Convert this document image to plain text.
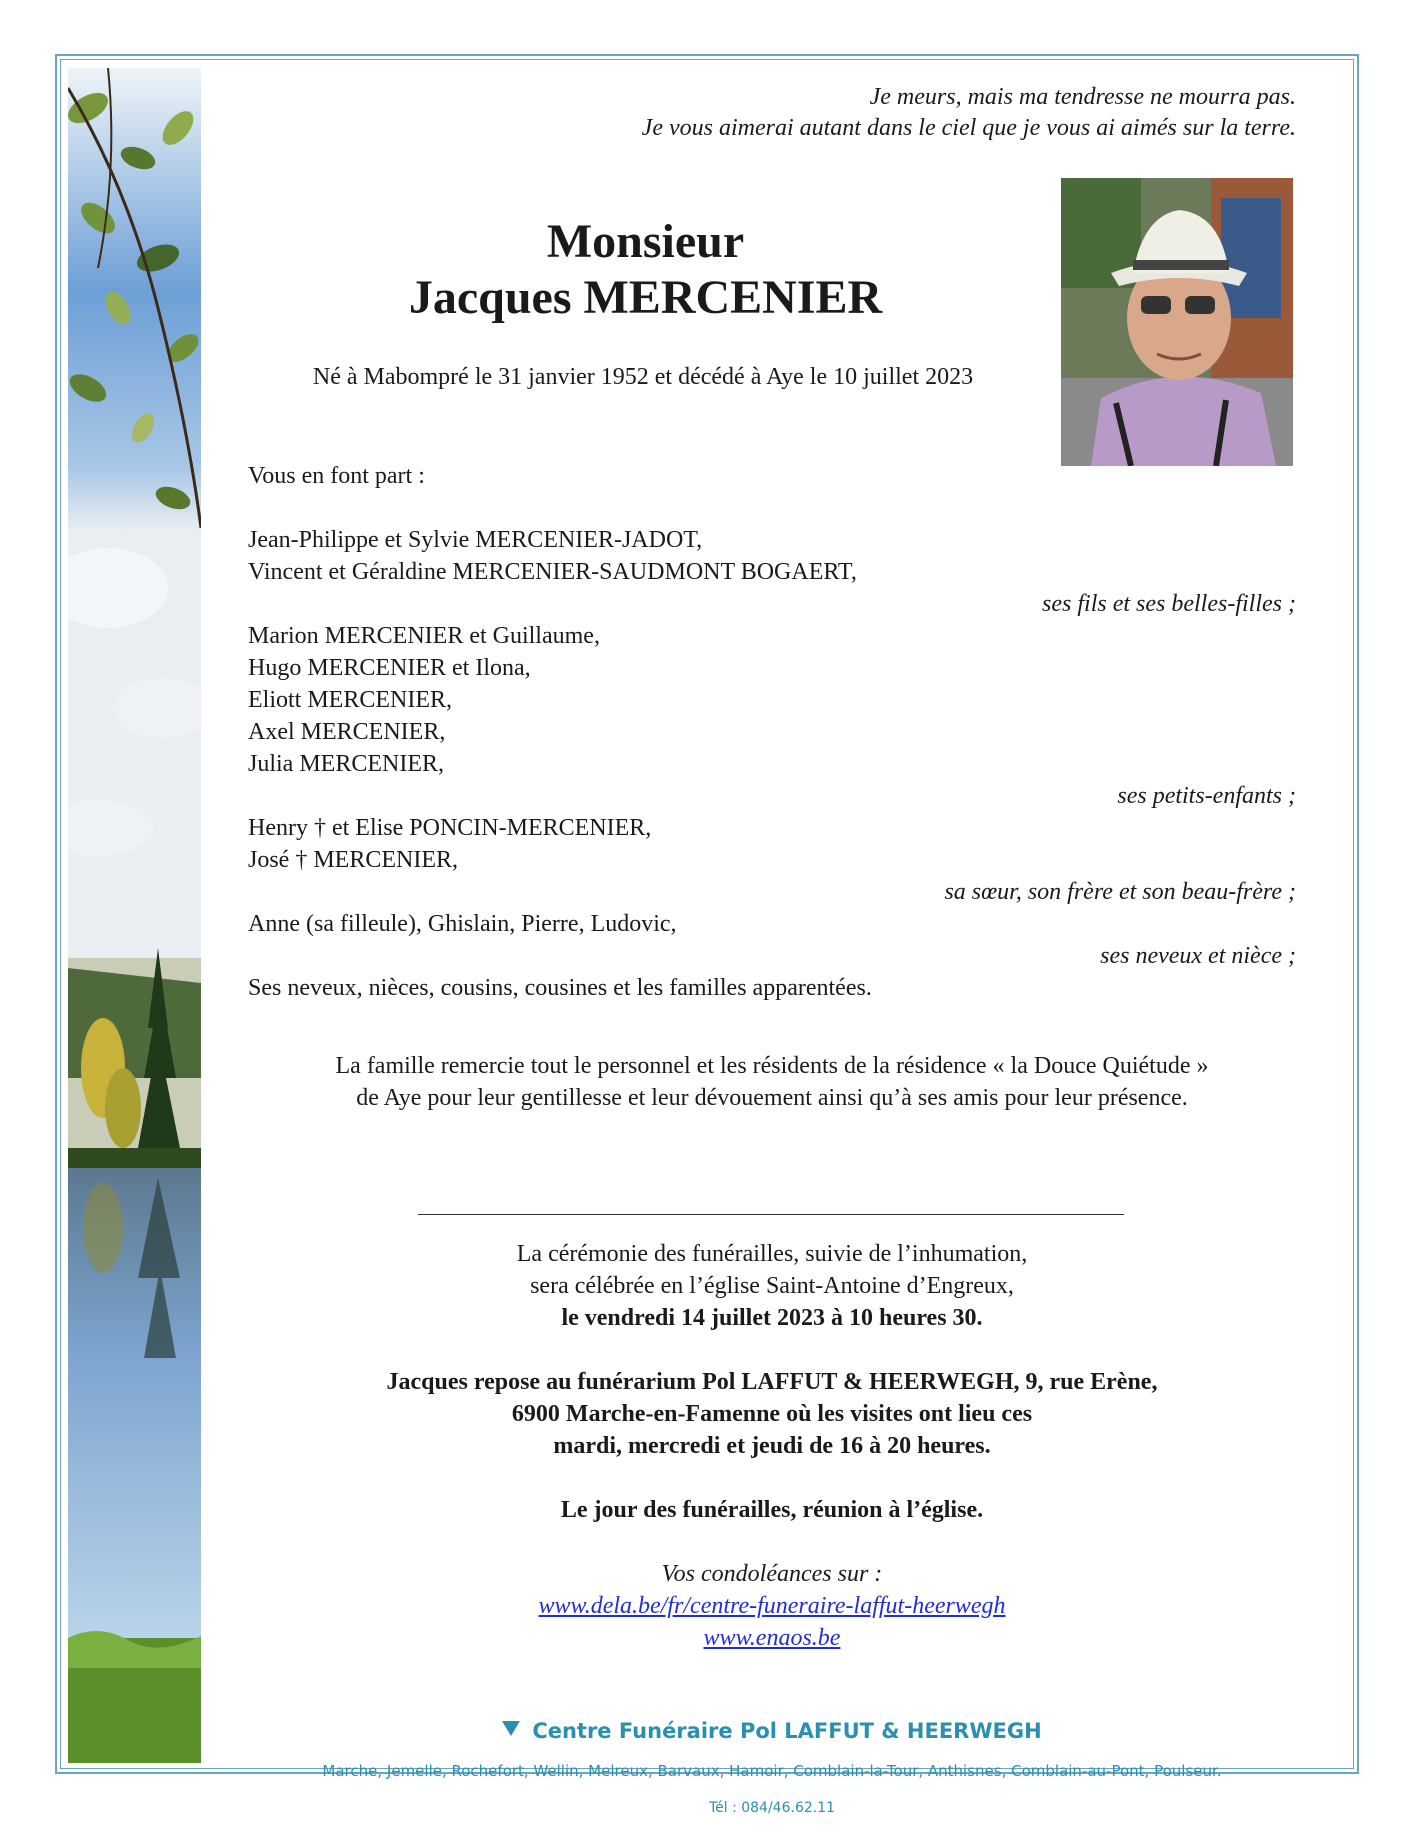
Je meurs, mais ma tendresse ne mourra pas.
Je vous aimerai autant dans le ciel que je vous ai aimés sur la terre.
Monsieur
Jacques MERCENIER
Né à Mabompré le 31 janvier 1952 et décédé à Aye le 10 juillet 2023
Vous en font part :
Jean-Philippe et Sylvie MERCENIER-JADOT,
Vincent et Géraldine MERCENIER-SAUDMONT BOGAERT,
ses fils et ses belles-filles ;
Marion MERCENIER et Guillaume,
Hugo MERCENIER et Ilona,
Eliott MERCENIER,
Axel MERCENIER,
Julia MERCENIER,
ses petits-enfants ;
Henry † et Elise PONCIN-MERCENIER,
José † MERCENIER,
sa sœur, son frère et son beau-frère ;
Anne (sa filleule), Ghislain, Pierre, Ludovic,
ses neveux et nièce ;
Ses neveux, nièces, cousins, cousines et les familles apparentées.
La famille remercie tout le personnel et les résidents de la résidence « la Douce Quiétude »
de Aye pour leur gentillesse et leur dévouement ainsi qu’à ses amis pour leur présence.
La cérémonie des funérailles, suivie de l’inhumation,
sera célébrée en l’église Saint-Antoine d’Engreux,
le vendredi 14 juillet 2023 à 10 heures 30.
Jacques repose au funérarium Pol LAFFUT & HEERWEGH, 9, rue Erène,
6900 Marche-en-Famenne où les visites ont lieu ces
mardi, mercredi et jeudi de 16 à 20 heures.
Le jour des funérailles, réunion à l’église.
Vos condoléances sur :
www.dela.be/fr/centre-funeraire-laffut-heerwegh
www.enaos.be
Centre Funéraire Pol LAFFUT & HEERWEGH
Marche, Jemelle, Rochefort, Wellin, Melreux, Barvaux, Hamoir, Comblain-la-Tour, Anthisnes, Comblain-au-Pont, Poulseur.
Tél : 084/46.62.11
